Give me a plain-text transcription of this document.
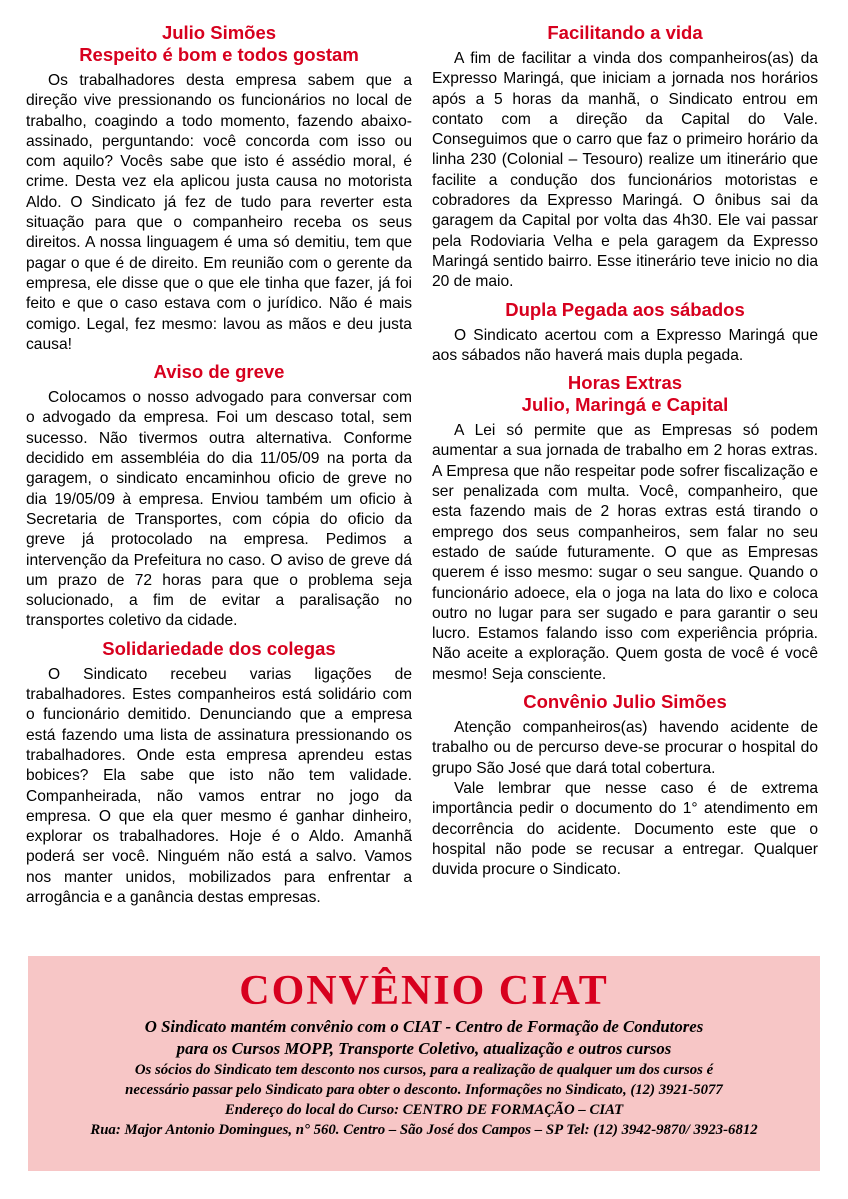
Julio Simões
Respeito é bom e todos gostam

Os trabalhadores desta empresa sabem que a direção vive pressionando os funcionários no local de trabalho, coagindo a todo momento, fazendo abaixo-assinado, perguntando: você concorda com isso ou com aquilo? Vocês sabe que isto é assédio moral, é crime. Desta vez ela aplicou justa causa no motorista Aldo. O Sindicato já fez de tudo para reverter esta situação para que o companheiro receba os seus direitos. A nossa linguagem é uma só demitiu, tem que pagar o que é de direito. Em reunião com o gerente da empresa, ele disse que o que ele tinha que fazer, já foi feito e que o caso estava com o jurídico. Não é mais comigo. Legal, fez mesmo: lavou as mãos e deu justa causa!

Aviso de greve

Colocamos o nosso advogado para conversar com o advogado da empresa. Foi um descaso total, sem sucesso. Não tivermos outra alternativa. Conforme decidido em assembléia do dia 11/05/09 na porta da garagem, o sindicato encaminhou oficio de greve no dia 19/05/09 à empresa. Enviou também um oficio à Secretaria de Transportes, com cópia do oficio da greve já protocolado na empresa. Pedimos a intervenção da Prefeitura no caso. O aviso de greve dá um prazo de 72 horas para que o problema seja solucionado, a fim de evitar a paralisação no transportes coletivo da cidade.

Solidariedade dos colegas

O Sindicato recebeu varias ligações de trabalhadores. Estes companheiros está solidário com o funcionário demitido. Denunciando que a empresa está fazendo uma lista de assinatura pressionando os trabalhadores. Onde esta empresa aprendeu estas bobices? Ela sabe que isto não tem validade. Companheirada, não vamos entrar no jogo da empresa. O que ela quer mesmo é ganhar dinheiro, explorar os trabalhadores. Hoje é o Aldo. Amanhã poderá ser você. Ninguém não está a salvo. Vamos nos manter unidos, mobilizados para enfrentar a arrogância e a ganância destas empresas.

Facilitando a vida

A fim de facilitar a vinda dos companheiros(as) da Expresso Maringá, que iniciam a jornada nos horários após a 5 horas da manhã, o Sindicato entrou em contato com a direção da Capital do Vale. Conseguimos que o carro que faz o primeiro horário da linha 230 (Colonial – Tesouro) realize um itinerário que facilite a condução dos funcionários motoristas e cobradores da Expresso Maringá. O ônibus sai da garagem da Capital por volta das 4h30. Ele vai passar pela Rodoviaria Velha e pela garagem da Expresso Maringá sentido bairro. Esse itinerário teve inicio no dia 20 de maio.

Dupla Pegada aos sábados

O Sindicato acertou com a Expresso Maringá que aos sábados não haverá mais dupla pegada.

Horas Extras
Julio, Maringá e Capital

A Lei só permite que as Empresas só podem aumentar a sua jornada de trabalho em 2 horas extras. A Empresa que não respeitar pode sofrer fiscalização e ser penalizada com multa. Você, companheiro, que esta fazendo mais de 2 horas extras está tirando o emprego dos seus companheiros, sem falar no seu estado de saúde futuramente. O que as Empresas querem é isso mesmo: sugar o seu sangue. Quando o funcionário adoece, ela o joga na lata do lixo e coloca outro no lugar para ser sugado e para garantir o seu lucro. Estamos falando isso com experiência própria. Não aceite a exploração. Quem gosta de você é você mesmo! Seja consciente.

Convênio Julio Simões

Atenção companheiros(as) havendo acidente de trabalho ou de percurso deve-se procurar o hospital do grupo São José que dará total cobertura.

Vale lembrar que nesse caso é de extrema importância pedir o documento do 1° atendimento em decorrência do acidente. Documento este que o hospital não pode se recusar a entregar. Qualquer duvida procure o Sindicato.

CONVÊNIO CIAT

O Sindicato mantém convênio com o CIAT - Centro de Formação de Condutores

para os Cursos MOPP, Transporte Coletivo, atualização e outros cursos

Os sócios do Sindicato tem desconto nos cursos, para a realização de qualquer um dos cursos é

necessário passar pelo Sindicato para obter o desconto. Informações no Sindicato, (12) 3921-5077

Endereço do local do Curso: CENTRO DE FORMAÇÃO – CIAT

Rua: Major Antonio Domingues, n° 560. Centro – São José dos Campos – SP Tel: (12) 3942-9870/ 3923-6812
